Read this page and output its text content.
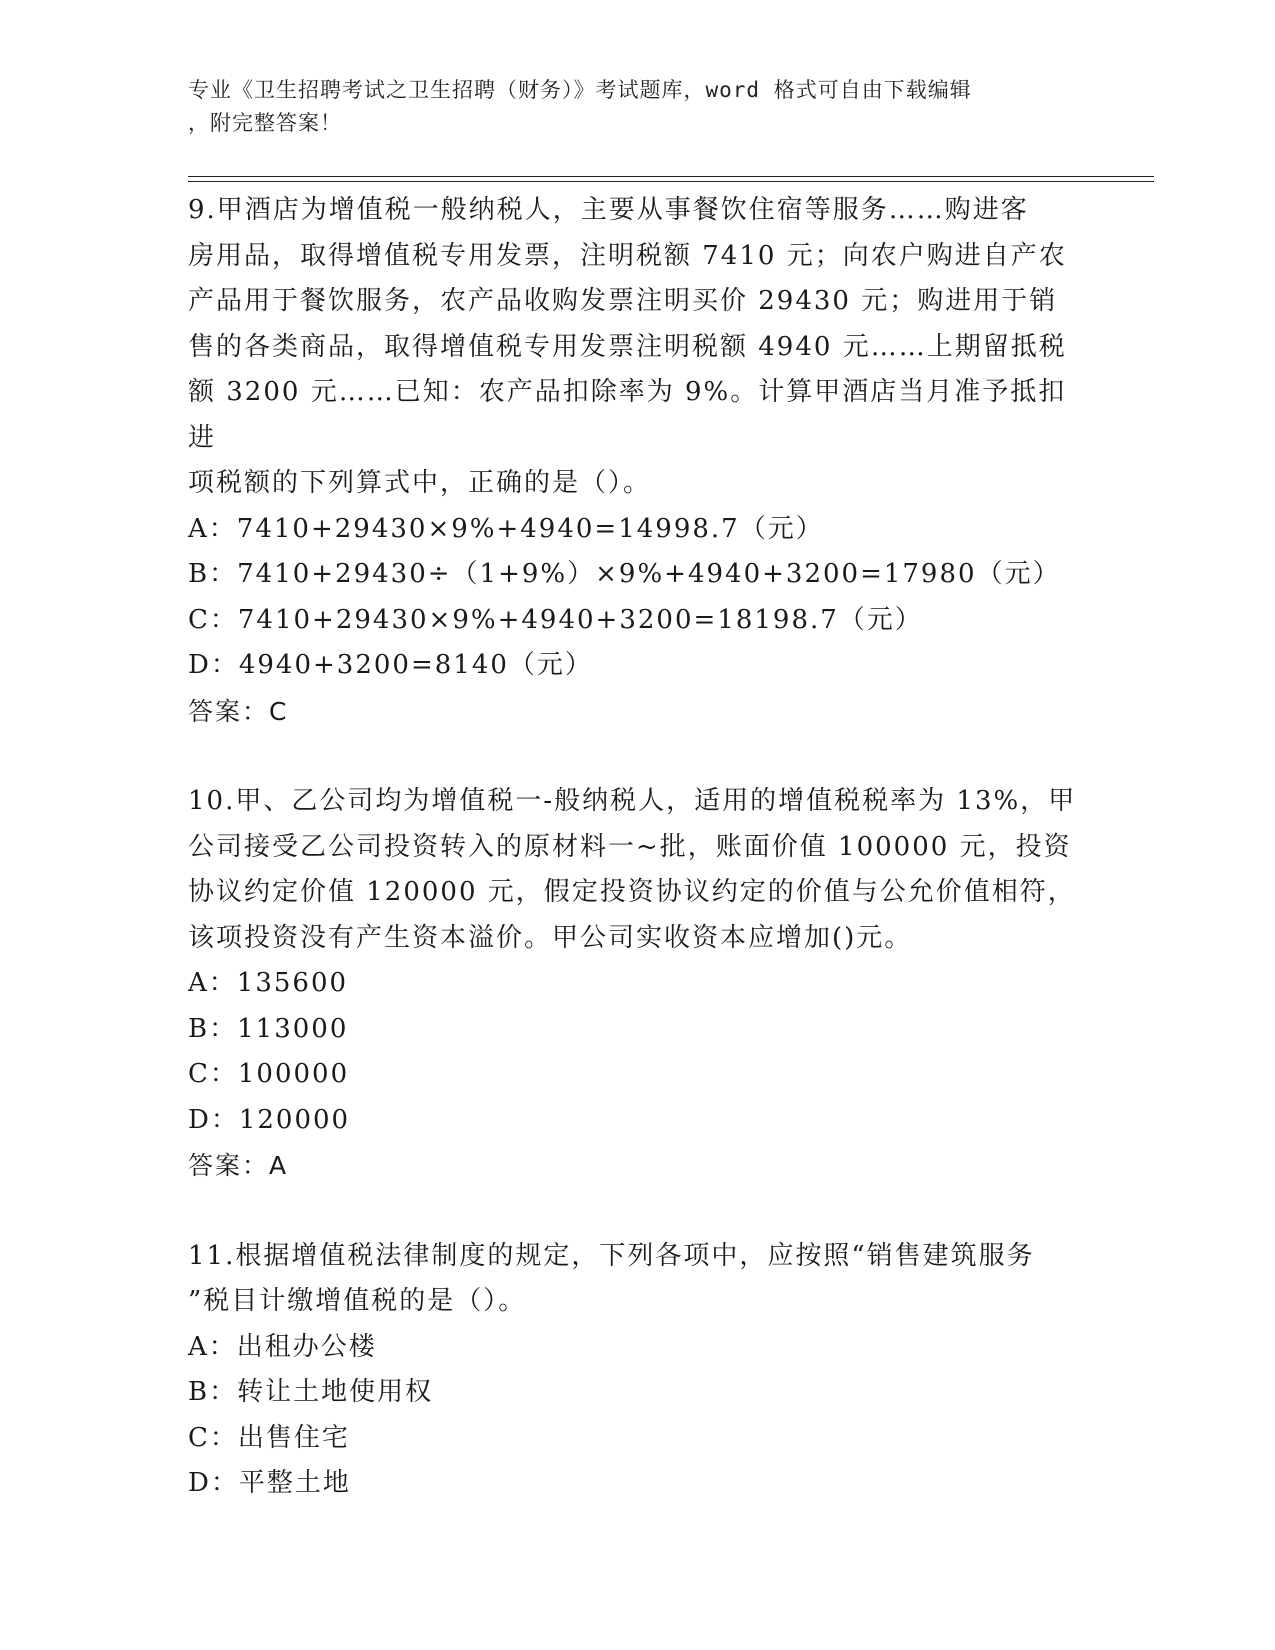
专业《卫生招聘考试之卫生招聘（财务）》考试题库，word 格式可自由下载编辑
，附完整答案！
9.甲酒店为增值税一般纳税人，主要从事餐饮住宿等服务……购进客
房用品，取得增值税专用发票，注明税额 7410 元；向农户购进自产农
产品用于餐饮服务，农产品收购发票注明买价 29430 元；购进用于销
售的各类商品，取得增值税专用发票注明税额 4940 元……上期留抵税
额 3200 元……已知：农产品扣除率为 9%。计算甲酒店当月准予抵扣进
项税额的下列算式中，正确的是（）。
A：7410+29430×9%+4940=14998.7（元）
B：7410+29430÷（1+9%）×9%+4940+3200=17980（元）
C：7410+29430×9%+4940+3200=18198.7（元）
D：4940+3200=8140（元）
答案：C
10.甲、乙公司均为增值税一-般纳税人，适用的增值税税率为 13%，甲
公司接受乙公司投资转入的原材料一~批，账面价值 100000 元，投资
协议约定价值 120000 元，假定投资协议约定的价值与公允价值相符，
该项投资没有产生资本溢价。甲公司实收资本应增加()元。
A：135600
B：113000
C：100000
D：120000
答案：A
11.根据增值税法律制度的规定，下列各项中，应按照“销售建筑服务
”税目计缴增值税的是（）。
A：出租办公楼
B：转让土地使用权
C：出售住宅
D：平整土地
